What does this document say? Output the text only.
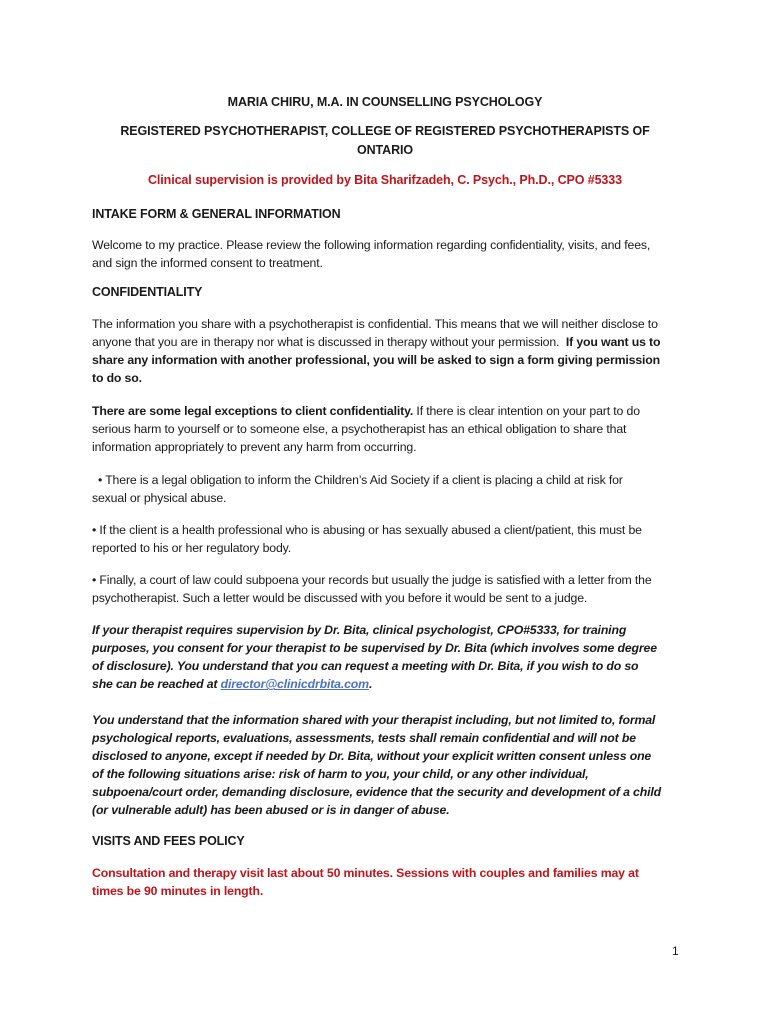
MARIA CHIRU, M.A. IN COUNSELLING PSYCHOLOGY
REGISTERED PSYCHOTHERAPIST, COLLEGE OF REGISTERED PSYCHOTHERAPISTS OF
ONTARIO
Clinical supervision is provided by Bita Sharifzadeh, C. Psych., Ph.D., CPO #5333
INTAKE FORM & GENERAL INFORMATION
Welcome to my practice. Please review the following information regarding confidentiality, visits, and fees,
and sign the informed consent to treatment.
CONFIDENTIALITY
The information you share with a psychotherapist is confidential. This means that we will neither disclose to
anyone that you are in therapy nor what is discussed in therapy without your permission. If you want us to
share any information with another professional, you will be asked to sign a form giving permission
to do so.
There are some legal exceptions to client confidentiality. If there is clear intention on your part to do
serious harm to yourself or to someone else, a psychotherapist has an ethical obligation to share that
information appropriately to prevent any harm from occurring.
• There is a legal obligation to inform the Children’s Aid Society if a client is placing a child at risk for
sexual or physical abuse.
• If the client is a health professional who is abusing or has sexually abused a client/patient, this must be
reported to his or her regulatory body.
• Finally, a court of law could subpoena your records but usually the judge is satisfied with a letter from the
psychotherapist. Such a letter would be discussed with you before it would be sent to a judge.
If your therapist requires supervision by Dr. Bita, clinical psychologist, CPO#5333, for training
purposes, you consent for your therapist to be supervised by Dr. Bita (which involves some degree
of disclosure). You understand that you can request a meeting with Dr. Bita, if you wish to do so
she can be reached at director@clinicdrbita.com.
You understand that the information shared with your therapist including, but not limited to, formal
psychological reports, evaluations, assessments, tests shall remain confidential and will not be
disclosed to anyone, except if needed by Dr. Bita, without your explicit written consent unless one
of the following situations arise: risk of harm to you, your child, or any other individual,
subpoena/court order, demanding disclosure, evidence that the security and development of a child
(or vulnerable adult) has been abused or is in danger of abuse.
VISITS AND FEES POLICY
Consultation and therapy visit last about 50 minutes. Sessions with couples and families may at
times be 90 minutes in length.
1
